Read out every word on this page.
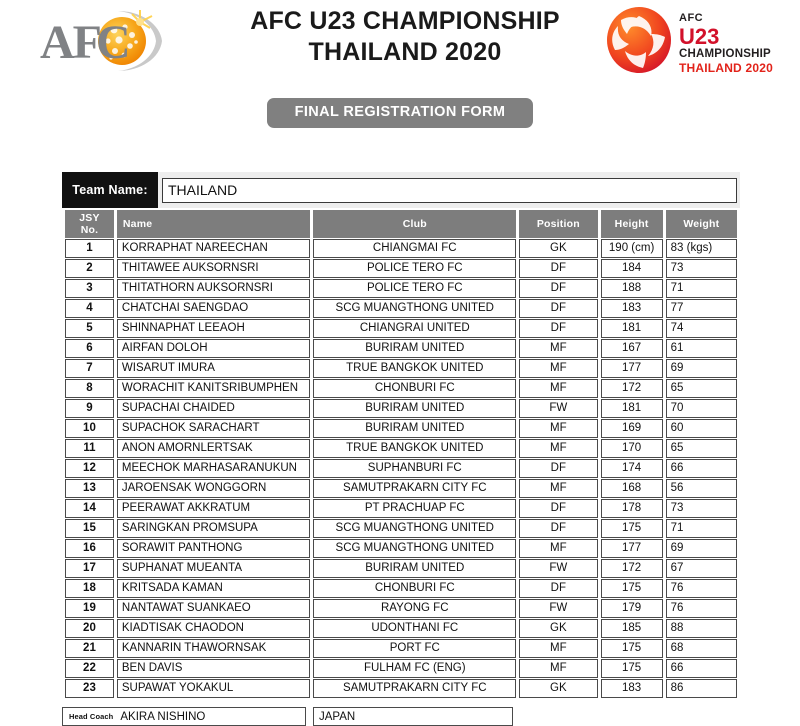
AF
C	AFC U23 CHAMPIONSHIP
THAILAND 2020
AFC
U23
CHAMPIONSHIP
THAILAND 2020
FINAL REGISTRATION FORM
Team Name:	THAILAND
JSY No.	Name	Club	Position	Height	Weight
1	KORRAPHAT NAREECHAN	CHIANGMAI FC	GK	190 (cm)	83 (kgs)
2	THITAWEE AUKSORNSRI	POLICE TERO FC	DF	184	73
3	THITATHORN AUKSORNSRI	POLICE TERO FC	DF	188	71
4	CHATCHAI SAENGDAO	SCG MUANGTHONG UNITED	DF	183	77
5	SHINNAPHAT LEEAOH	CHIANGRAI UNITED	DF	181	74
6	AIRFAN DOLOH	BURIRAM UNITED	MF	167	61
7	WISARUT IMURA	TRUE BANGKOK UNITED	MF	177	69
8	WORACHIT KANITSRIBUMPHEN	CHONBURI FC	MF	172	65
9	SUPACHAI CHAIDED	BURIRAM UNITED	FW	181	70
10	SUPACHOK SARACHART	BURIRAM UNITED	MF	169	60
11	ANON AMORNLERTSAK	TRUE BANGKOK UNITED	MF	170	65
12	MEECHOK MARHASARANUKUN	SUPHANBURI FC	DF	174	66
13	JAROENSAK WONGGORN	SAMUTPRAKARN CITY FC	MF	168	56
14	PEERAWAT AKKRATUM	PT PRACHUAP FC	DF	178	73
15	SARINGKAN PROMSUPA	SCG MUANGTHONG UNITED	DF	175	71
16	SORAWIT PANTHONG	SCG MUANGTHONG UNITED	MF	177	69
17	SUPHANAT MUEANTA	BURIRAM UNITED	FW	172	67
18	KRITSADA KAMAN	CHONBURI FC	DF	175	76
19	NANTAWAT SUANKAEO	RAYONG FC	FW	179	76
20	KIADTISAK CHAODON	UDONTHANI FC	GK	185	88
21	KANNARIN THAWORNSAK	PORT FC	MF	175	68
22	BEN DAVIS	FULHAM FC (ENG)	MF	175	66
23	SUPAWAT YOKAKUL	SAMUTPRAKARN CITY FC	GK	183	86
Head Coach AKIRA NISHINO	JAPAN
